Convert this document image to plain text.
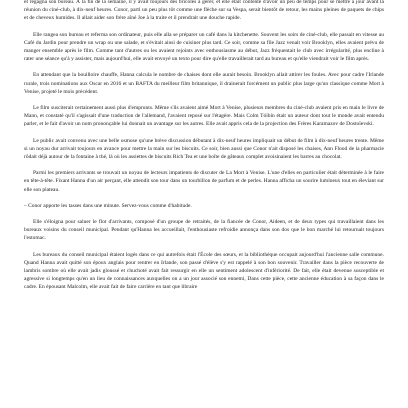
et regagna son bureau. À la fin de la semaine, il y avait toujours des bricoles à gérer, et elle était contente d'avoir un peu de temps pour se mettre à jour avant la réunion du ciné-club, à dix-neuf heures. Conor, parti un peu plus tôt comme une flèche sur sa Vespa, serait bientôt de retour, les mains pleines de paquets de chips et de cheveux humides. Il allait aider son frère aîné Joe à la traite et il prendrait une douche rapide.

Elle rangea son bureau et referma son ordinateur, puis elle alla se préparer un café dans la kitchenette. Souvent les soirs de ciné-club, elle passait en vitesse au Café du Jardin pour prendre un wrap ou une salade, et s'évitait ainsi de cuisiner plus tard. Ce soir, comme sa file Jazz venait voir Brooklyn, elles avaient prévu de manger ensemble après le film. Comme tant d'autres ou les avaient rejoints avec enthousiasme au début, Jazz fréquentait le club avec irrégularité, plus encline à rater une séance qu'à y assister, mais aujourd'hui, elle avait envoyé un texto pour dire qu'elle travaillerait tard au bureau et qu'elle viendrait voir le film après.

En attendant que la bouilloire chauffe, Hanna calcula le nombre de chaises dont elle aurait besoin. Brooklyn allait attirer les foules. Avec pour cadre l'Irlande rurale, trois nominations aux Oscar en 2016 et un BAFTA du meilleur film britannique, il drainerait forcément un public plus large qu'un classique comme Mort à Venise, projeté le mois précédent.

Le film susciterait certainement aussi plus d'emprunts. Même s'ils avaient aimé Mort à Venise, plusieurs membres du ciné-club avaient pris en main le livre de Mann, et constaté qu'il s'agissait d'une traduction de l'allemand, l'avaient reposé sur l'étagère. Mais Colm Tóibín était un auteur dont tout le monde avait entendu parler, et le fait d'avoir un nom prononçable lui donnait un avantage sur les autres. Elle avait appris cela de la projection des Frères Karamazov de Dostoïevski.

Le public avait convenu avec une belle osmose qu'une brève discussion débutant à dix-neuf heures impliquait un début de film à dix-neuf heures trente. Même si un noyau dur arrivait toujours en avance pour mettre la main sur les biscuits. Ce soir, bien aussi que Conor n'ait disposé les chaises, Ann Flood de la pharmacie rôdait déjà autour de la fontaine à thé, là où les assiettes de biscuits Rich Tea et une boîte de gâteaux complet avoisinaient les barres au chocolat.

Parmi les premiers arrivants se trouvait un noyau de lecteurs impatients de discuter de La Mort à Venise. L'une d'elles en particulier était déterminée à le faire en tête-à-tête. Fixant Hanna d'un air perçant, elle attendit son tour dans un tourbillon de parfum et de perles. Hanna afficha un sourire lumineux tout en éleviant sur elle son plateau.

– Conor apporte les tasses dans une minute. Servez-vous comme d'habitude.

Elle s'éloigna pour saluer le flot d'arrivants, composé d'un groupe de retraités, de la fiancée de Conor, Aideen, et de deux types qui travaillaient dans les bureaux voisins du conseil municipal. Pendant qu'Hanna les accueillait, l'enthousiaste refroidie annonça dans son dos que le bon marché lui retournait toujours l'estomac.

Les bureaux du conseil municipal étaient logés dans ce qui autrefois était l'École des sœurs, et la bibliothèque occupait aujourd'hui l'ancienne salle commune. Quand Hanna avait quitté son époux anglais pour rentrer en Irlande, son passé d'élève s'y est rappelé à son bon souvenir. Travailler dans la pièce recouverte de lambris sombre où elle avait jadis gloussé et chuchoté avait fait ressurgir en elle un sentiment adolescent d'infériorité. De fait, elle était devenue susceptible et agressive si longtemps qu'en un lieu de connaissances auxquelles on a un jour associé son ennemi, Dans cette pièce, cette ancienne éducation à sa façon dans le cadre. En épousant Malcolm, elle avait fait de faire carrière en tant que libraire
